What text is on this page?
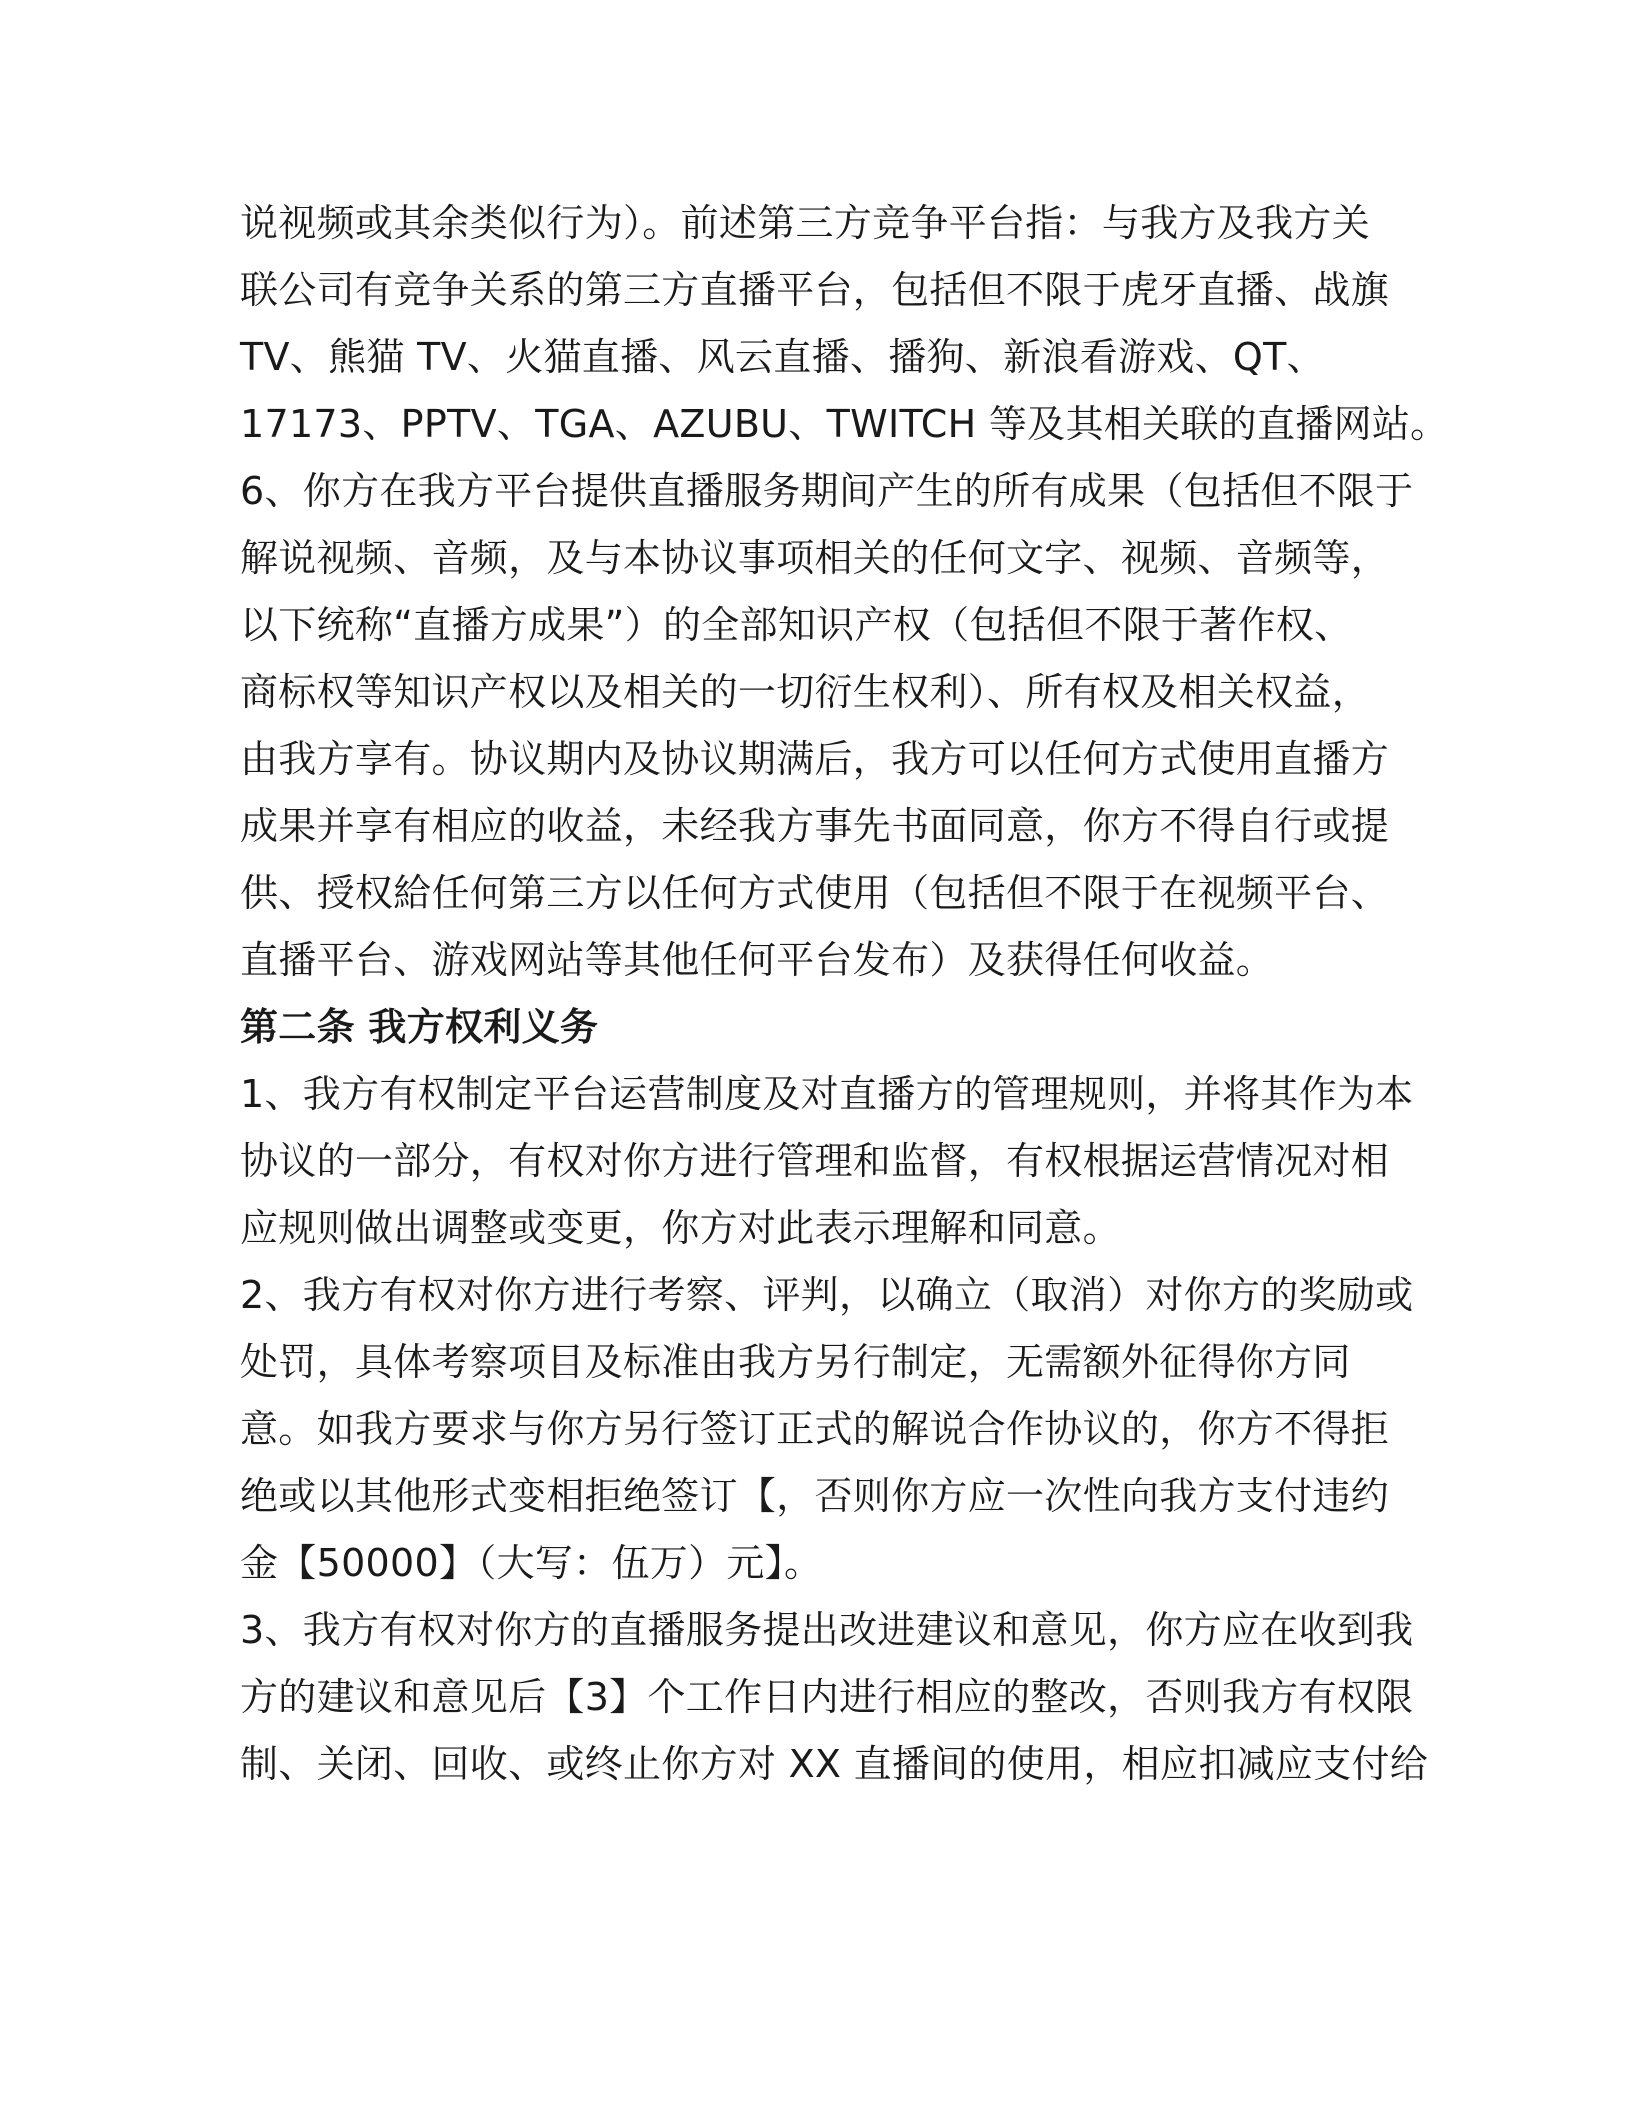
说视频或其余类似行为）。前述第三方竞争平台指：与我方及我方关
联公司有竞争关系的第三方直播平台，包括但不限于虎牙直播、战旗
TV、熊猫 TV、火猫直播、风云直播、播狗、新浪看游戏、QT、
17173、PPTV、TGA、AZUBU、TWITCH 等及其相关联的直播网站。
6、你方在我方平台提供直播服务期间产生的所有成果（包括但不限于
解说视频、音频，及与本协议事项相关的任何文字、视频、音频等，
以下统称“直播方成果”）的全部知识产权（包括但不限于著作权、
商标权等知识产权以及相关的一切衍生权利）、所有权及相关权益，
由我方享有。协议期内及协议期满后，我方可以任何方式使用直播方
成果并享有相应的收益，未经我方事先书面同意，你方不得自行或提
供、授权給任何第三方以任何方式使用（包括但不限于在视频平台、
直播平台、游戏网站等其他任何平台发布）及获得任何收益。
第二条 我方权利义务
1、我方有权制定平台运营制度及对直播方的管理规则，并将其作为本
协议的一部分，有权对你方进行管理和监督，有权根据运营情况对相
应规则做出调整或变更，你方对此表示理解和同意。
2、我方有权对你方进行考察、评判，以确立（取消）对你方的奖励或
处罚，具体考察项目及标准由我方另行制定，无需额外征得你方同
意。如我方要求与你方另行签订正式的解说合作协议的，你方不得拒
绝或以其他形式变相拒绝签订【，否则你方应一次性向我方支付违约
金【50000】（大写：伍万）元】。
3、我方有权对你方的直播服务提出改进建议和意见，你方应在收到我
方的建议和意见后【3】个工作日内进行相应的整改，否则我方有权限
制、关闭、回收、或终止你方对 XX 直播间的使用，相应扣减应支付给
